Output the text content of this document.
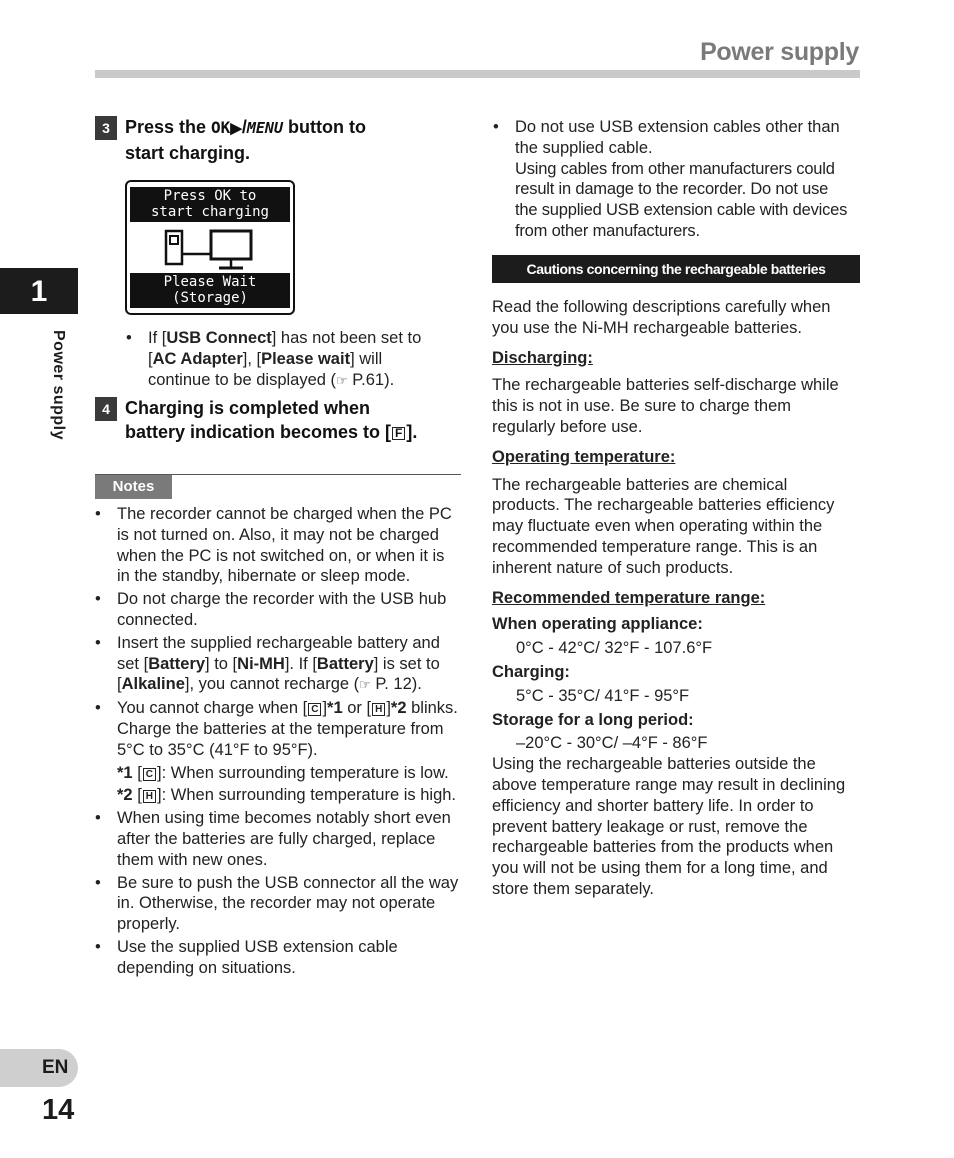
Power supply
1
Power supply
EN
14
3 Press the OK▶/MENU button to
start charging.
Press OK to
start charging
Please Wait
(Storage)
• If [USB Connect] has not been set to [AC Adapter], [Please wait] will continue to be displayed (☞ P.61).
4 Charging is completed when
battery indication becomes to [ F ].
Notes
• The recorder cannot be charged when the PC is not turned on. Also, it may not be charged when the PC is not switched on, or when it is in the standby, hibernate or sleep mode.
• Do not charge the recorder with the USB hub connected.
• Insert the supplied rechargeable battery and set [Battery] to [Ni-MH]. If [Battery] is set to [Alkaline], you cannot recharge (☞ P. 12).
• You cannot charge when [ C ]*1 or [ H ]*2 blinks. Charge the batteries at the temperature from 5°C to 35°C (41°F to 95°F).
*1 [ C ] : When surrounding temperature is low.
*2 [ H ] : When surrounding temperature is high.
• When using time becomes notably short even after the batteries are fully charged, replace them with new ones.
• Be sure to push the USB connector all the way in. Otherwise, the recorder may not operate properly.
• Use the supplied USB extension cable depending on situations.
• Do not use USB extension cables other than the supplied cable.
Using cables from other manufacturers could result in damage to the recorder. Do not use the supplied USB extension cable with devices from other manufacturers.
Cautions concerning the rechargeable batteries
Read the following descriptions carefully when you use the Ni-MH rechargeable batteries.
Discharging:
The rechargeable batteries self-discharge while this is not in use. Be sure to charge them regularly before use.
Operating temperature:
The rechargeable batteries are chemical products. The rechargeable batteries efficiency may fluctuate even when operating within the recommended temperature range. This is an inherent nature of such products.
Recommended temperature range:
When operating appliance:
0°C - 42°C/ 32°F - 107.6°F
Charging:
5°C - 35°C/ 41°F - 95°F
Storage for a long period:
–20°C - 30°C/ –4°F - 86°F
Using the rechargeable batteries outside the above temperature range may result in declining efficiency and shorter battery life. In order to prevent battery leakage or rust, remove the rechargeable batteries from the products when you will not be using them for a long time, and store them separately.
